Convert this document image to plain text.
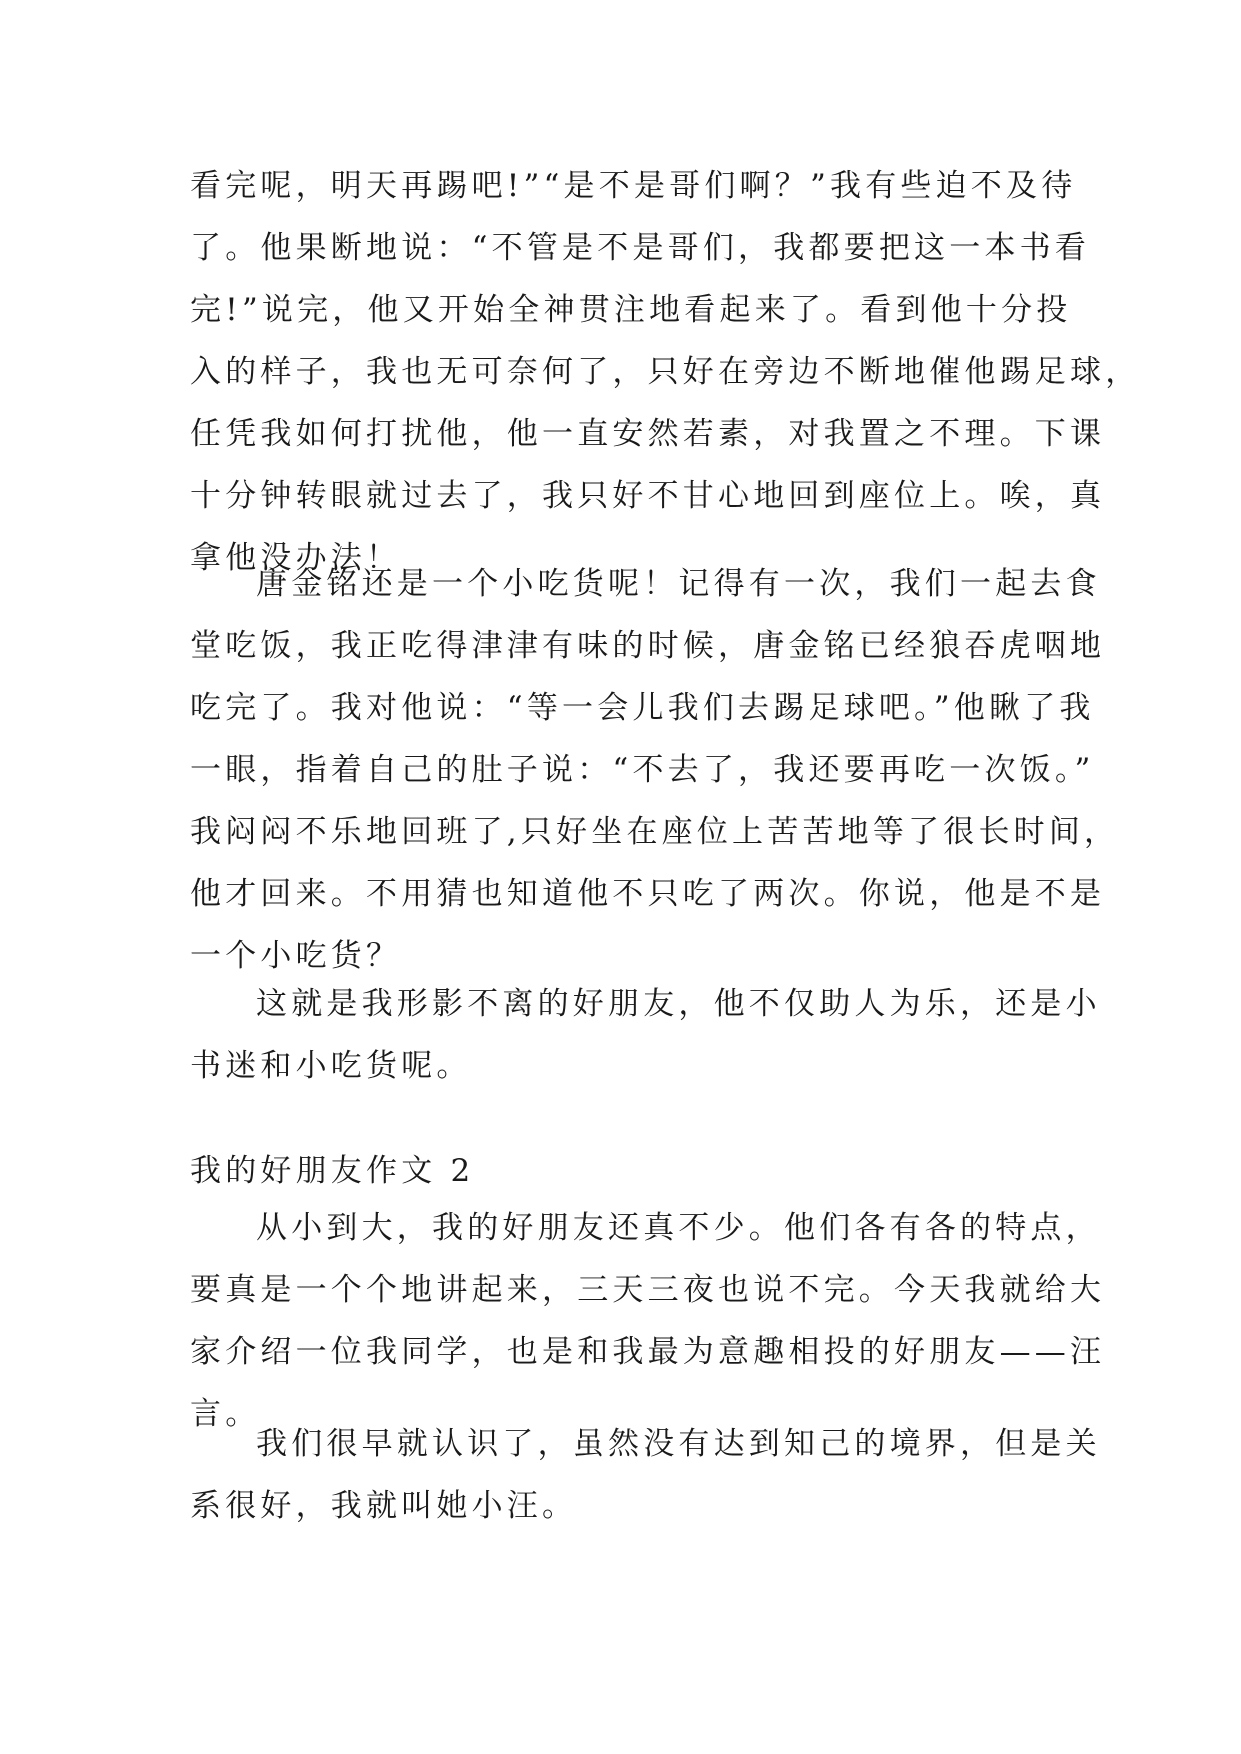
看完呢，明天再踢吧!”“是不是哥们啊？”我有些迫不及待
了。他果断地说：“不管是不是哥们，我都要把这一本书看
完!”说完，他又开始全神贯注地看起来了。看到他十分投
入的样子，我也无可奈何了，只好在旁边不断地催他踢足球，
任凭我如何打扰他，他一直安然若素，对我置之不理。下课
十分钟转眼就过去了，我只好不甘心地回到座位上。唉，真
拿他没办法！
唐金铭还是一个小吃货呢！记得有一次，我们一起去食
堂吃饭，我正吃得津津有味的时候，唐金铭已经狼吞虎咽地
吃完了。我对他说：“等一会儿我们去踢足球吧。”他瞅了我
一眼，指着自己的肚子说：“不去了，我还要再吃一次饭。”
我闷闷不乐地回班了,只好坐在座位上苦苦地等了很长时间，
他才回来。不用猜也知道他不只吃了两次。你说，他是不是
一个小吃货？
这就是我形影不离的好朋友，他不仅助人为乐，还是小
书迷和小吃货呢。
我的好朋友作文 2
从小到大，我的好朋友还真不少。他们各有各的特点，
要真是一个个地讲起来，三天三夜也说不完。今天我就给大
家介绍一位我同学，也是和我最为意趣相投的好朋友——汪
言。
我们很早就认识了，虽然没有达到知己的境界，但是关
系很好，我就叫她小汪。
